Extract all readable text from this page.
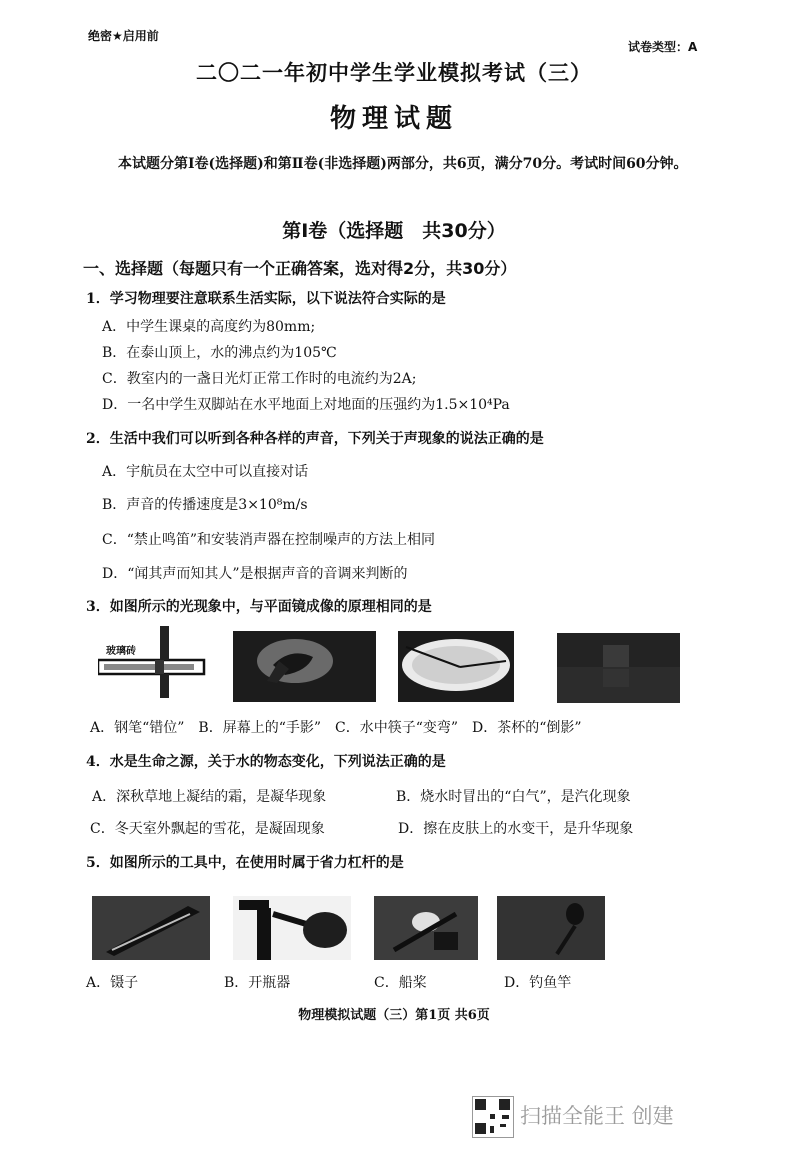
绝密★启用前
试卷类型：A
二〇二一年初中学生学业模拟考试（三）
物理试题
本试题分第Ⅰ卷(选择题)和第Ⅱ卷(非选择题)两部分，共6页，满分70分。考试时间60分钟。
第Ⅰ卷（选择题　共30分）
一、选择题（每题只有一个正确答案，选对得2分，共30分）
1．学习物理要注意联系生活实际，以下说法符合实际的是
A．中学生课桌的高度约为80mm;
B．在泰山顶上，水的沸点约为105℃
C．教室内的一盏日光灯正常工作时的电流约为2A;
D．一名中学生双脚站在水平地面上对地面的压强约为1.5×10⁴Pa
2．生活中我们可以听到各种各样的声音，下列关于声现象的说法正确的是
A．宇航员在太空中可以直接对话
B．声音的传播速度是3×10⁸m/s
C．“禁止鸣笛”和安装消声器在控制噪声的方法上相同
D．“闻其声而知其人”是根据声音的音调来判断的
3．如图所示的光现象中，与平面镜成像的原理相同的是
玻璃砖
A．钢笔“错位”　B．屏幕上的“手影”　C．水中筷子“变弯”　D．茶杯的“倒影”
4．水是生命之源，关于水的物态变化，下列说法正确的是
A．深秋草地上凝结的霜，是凝华现象	B．烧水时冒出的“白气”，是汽化现象
C．冬天室外飘起的雪花，是凝固现象	D．擦在皮肤上的水变干，是升华现象
5．如图所示的工具中，在使用时属于省力杠杆的是
A．镊子	B．开瓶器	C．船桨	D．钓鱼竿
物理模拟试题（三）第1页 共6页
扫描全能王 创建
